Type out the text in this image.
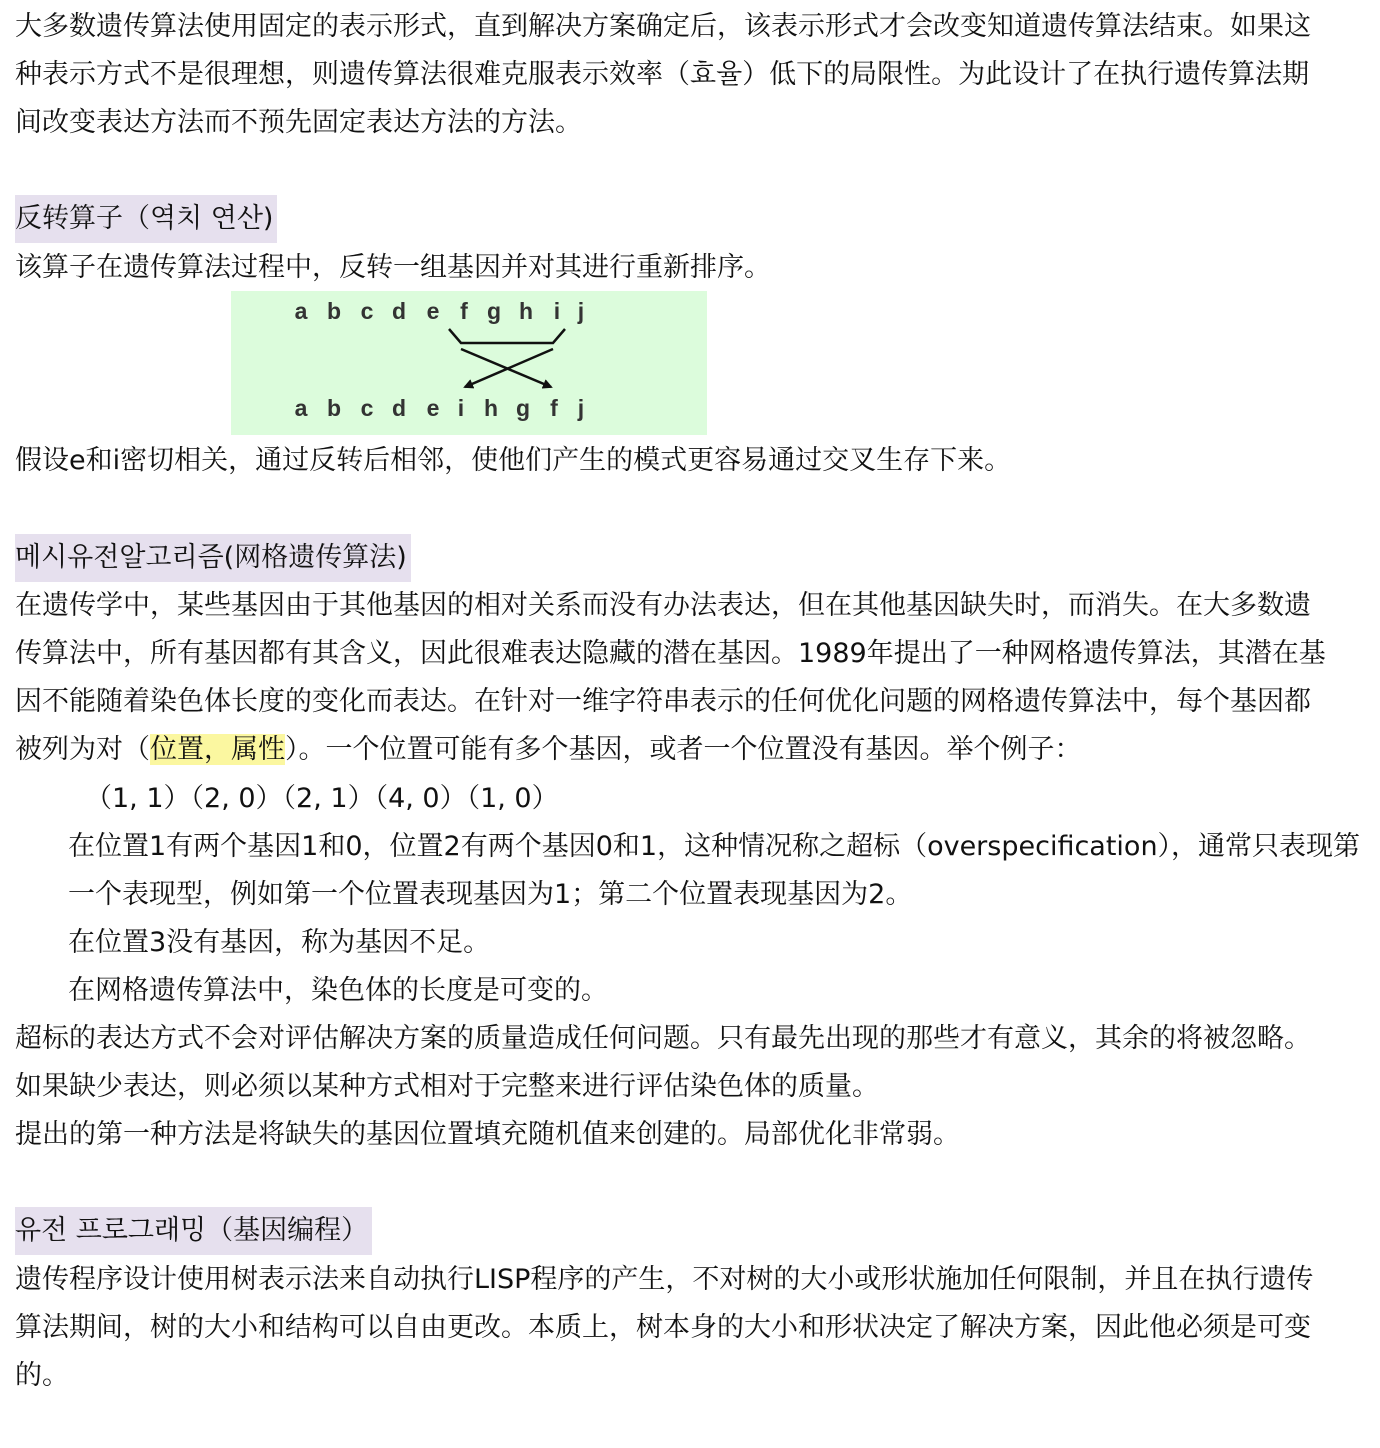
大多数遗传算法使用固定的表示形式，直到解决方案确定后，该表示形式才会改变知道遗传算法结束。如果这

种表示方式不是很理想，则遗传算法很难克服表示效率（효율）低下的局限性。为此设计了在执行遗传算法期

间改变表达方法而不预先固定表达方法的方法。

反转算子（역치 연산)

该算子在遗传算法过程中，反转一组基因并对其进行重新排序。

a b c d e f g h i j
a b c d e i h g f j

假设e和i密切相关，通过反转后相邻，使他们产生的模式更容易通过交叉生存下来。

메시유전알고리즘(网格遗传算法)

在遗传学中，某些基因由于其他基因的相对关系而没有办法表达，但在其他基因缺失时，而消失。在大多数遗

传算法中，所有基因都有其含义，因此很难表达隐藏的潜在基因。1989年提出了一种网格遗传算法，其潜在基

因不能随着染色体长度的变化而表达。在针对一维字符串表示的任何优化问题的网格遗传算法中，每个基因都

被列为对（位置，属性）。一个位置可能有多个基因，或者一个位置没有基因。举个例子：

（1, 1）（2, 0）（2, 1）（4, 0）（1, 0）

在位置1有两个基因1和0，位置2有两个基因0和1，这种情况称之超标（overspecification），通常只表现第

一个表现型，例如第一个位置表现基因为1；第二个位置表现基因为2。

在位置3没有基因，称为基因不足。

在网格遗传算法中，染色体的长度是可变的。

超标的表达方式不会对评估解决方案的质量造成任何问题。只有最先出现的那些才有意义，其余的将被忽略。

如果缺少表达，则必须以某种方式相对于完整来进行评估染色体的质量。

提出的第一种方法是将缺失的基因位置填充随机值来创建的。局部优化非常弱。

유전 프로그래밍（基因编程）

遗传程序设计使用树表示法来自动执行LISP程序的产生，不对树的大小或形状施加任何限制，并且在执行遗传

算法期间，树的大小和结构可以自由更改。本质上，树本身的大小和形状决定了解决方案，因此他必须是可变

的。
